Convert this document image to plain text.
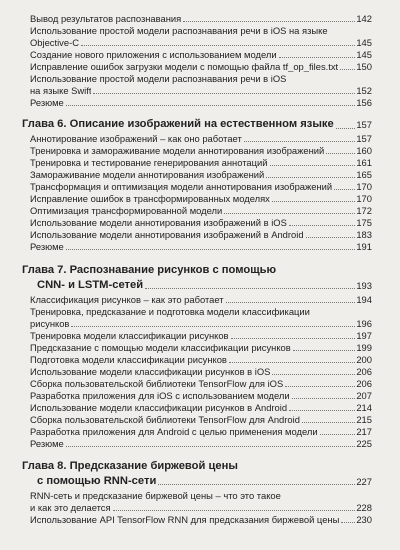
Вывод результатов распознавания	142
Использование простой модели распознавания речи в iOS на языке
Objective-C	145
Создание нового приложения с использованием модели	145
Исправление ошибок загрузки модели с помощью файла tf_op_files.txt 150
Использование простой модели распознавания речи в iOS
на языке Swift	152
Резюме	156
Глава 6. Описание изображений на естественном языке 157
Аннотирование изображений – как оно работает	157
Тренировка и замораживание модели аннотирования изображений	160
Тренировка и тестирование генерирования аннотаций	161
Замораживание модели аннотирования изображений	165
Трансформация и оптимизация модели аннотирования изображений	170
Исправление ошибок в трансформированных моделях	170
Оптимизация трансформированной модели	172
Использование модели аннотирования изображений в iOS	175
Использование модели аннотирования изображений в Android	183
Резюме	191
Глава 7. Распознавание рисунков с помощью
CNN- и LSTM-сетей	193
Классификация рисунков – как это работает	194
Тренировка, предсказание и подготовка модели классификации
рисунков	196
Тренировка модели классификации рисунков	197
Предсказание с помощью модели классификации рисунков	199
Подготовка модели классификации рисунков	200
Использование модели классификации рисунков в iOS	206
Сборка пользовательской библиотеки TensorFlow для iOS	206
Разработка приложения для iOS с использованием модели	207
Использование модели классификации рисунков в Android	214
Сборка пользовательской библиотеки TensorFlow для Android	215
Разработка приложения для Android с целью применения модели	217
Резюме	225
Глава 8. Предсказание биржевой цены
с помощью RNN-сети	227
RNN-сеть и предсказание биржевой цены – что это такое
и как это делается	228
Использование API TensorFlow RNN для предсказания биржевой цены 230
